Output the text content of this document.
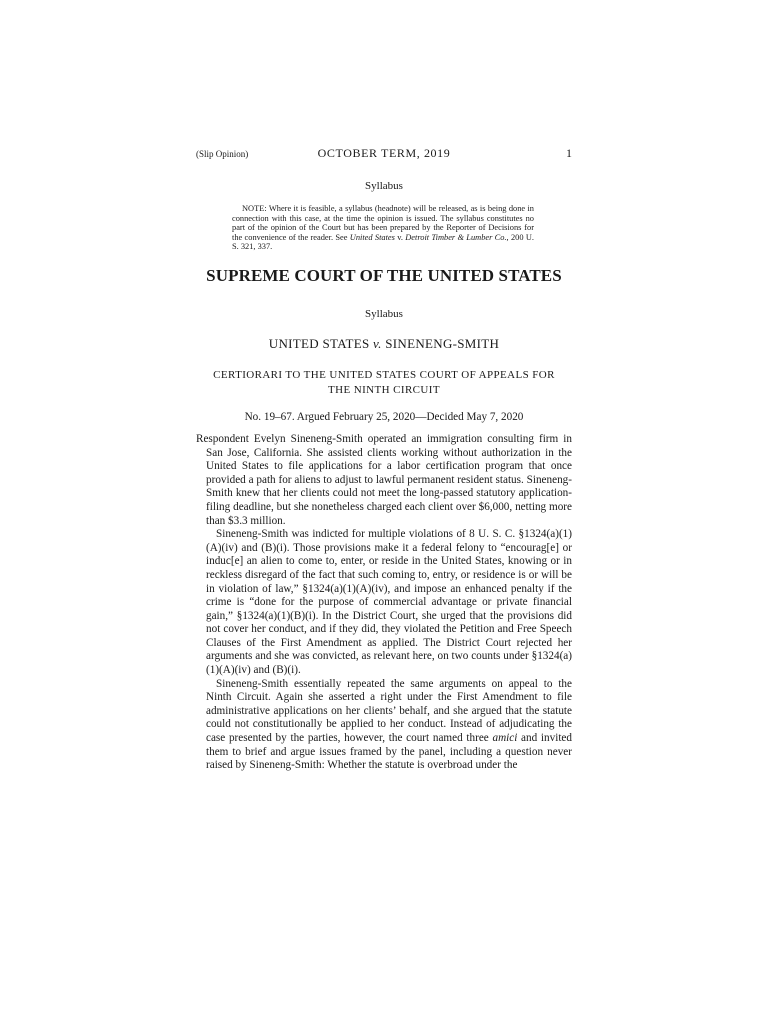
(Slip Opinion)	OCTOBER TERM, 2019	1
Syllabus
NOTE: Where it is feasible, a syllabus (headnote) will be released, as is being done in connection with this case, at the time the opinion is issued. The syllabus constitutes no part of the opinion of the Court but has been prepared by the Reporter of Decisions for the convenience of the reader. See United States v. Detroit Timber & Lumber Co., 200 U. S. 321, 337.
SUPREME COURT OF THE UNITED STATES
Syllabus
UNITED STATES v. SINENENG-SMITH
CERTIORARI TO THE UNITED STATES COURT OF APPEALS FOR THE NINTH CIRCUIT
No. 19–67. Argued February 25, 2020—Decided May 7, 2020

Respondent Evelyn Sineneng-Smith operated an immigration consulting firm in San Jose, California. She assisted clients working without authorization in the United States to file applications for a labor certification program that once provided a path for aliens to adjust to lawful permanent resident status. Sineneng-Smith knew that her clients could not meet the long-passed statutory application-filing deadline, but she nonetheless charged each client over $6,000, netting more than $3.3 million.

Sineneng-Smith was indicted for multiple violations of 8 U. S. C. §1324(a)(1)(A)(iv) and (B)(i). Those provisions make it a federal felony to “encourag[e] or induc[e] an alien to come to, enter, or reside in the United States, knowing or in reckless disregard of the fact that such coming to, entry, or residence is or will be in violation of law,” §1324(a)(1)(A)(iv), and impose an enhanced penalty if the crime is “done for the purpose of commercial advantage or private financial gain,” §1324(a)(1)(B)(i). In the District Court, she urged that the provisions did not cover her conduct, and if they did, they violated the Petition and Free Speech Clauses of the First Amendment as applied. The District Court rejected her arguments and she was convicted, as relevant here, on two counts under §1324(a)(1)(A)(iv) and (B)(i).

Sineneng-Smith essentially repeated the same arguments on appeal to the Ninth Circuit. Again she asserted a right under the First Amendment to file administrative applications on her clients’ behalf, and she argued that the statute could not constitutionally be applied to her conduct. Instead of adjudicating the case presented by the parties, however, the court named three amici and invited them to brief and argue issues framed by the panel, including a question never raised by Sineneng-Smith: Whether the statute is overbroad under the
